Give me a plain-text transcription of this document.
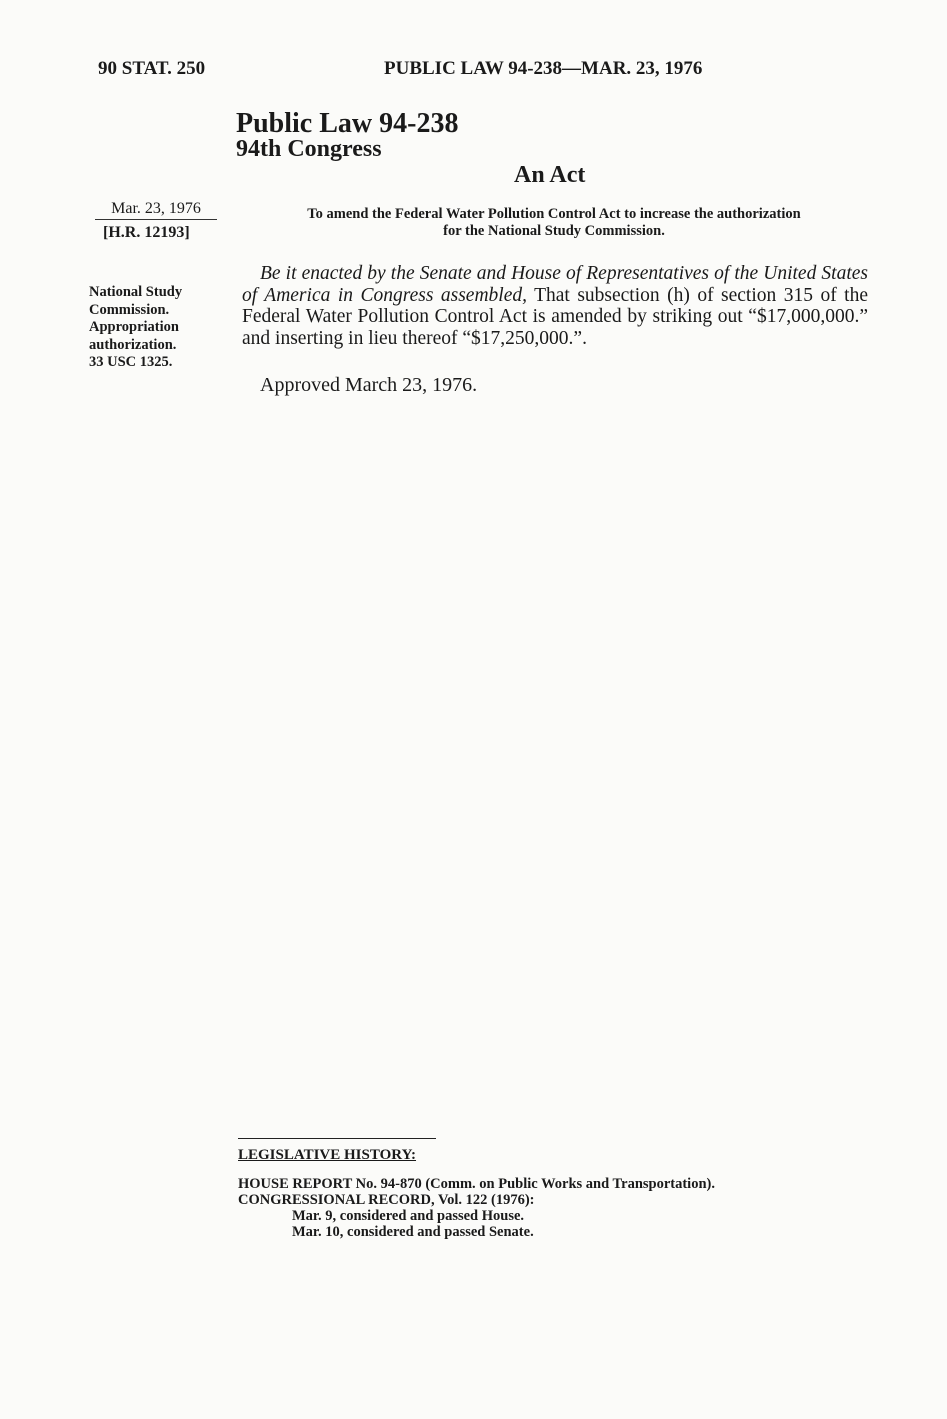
90 STAT. 250	PUBLIC LAW 94-238—MAR. 23, 1976
Public Law 94-238
94th Congress
An Act
Mar. 23, 1976
[H.R. 12193]
National Study
Commission.
Appropriation
authorization.
33 USC 1325.
To amend the Federal Water Pollution Control Act to increase the authorization
for the National Study Commission.
Be it enacted by the Senate and House of Representatives of the United States of America in Congress assembled, That subsection (h) of section 315 of the Federal Water Pollution Control Act is amended by striking out “$17,000,000.” and inserting in lieu thereof “$17,250,000.”.
Approved March 23, 1976.
LEGISLATIVE HISTORY:
HOUSE REPORT No. 94-870 (Comm. on Public Works and Transportation).
CONGRESSIONAL RECORD, Vol. 122 (1976):
Mar. 9, considered and passed House.
Mar. 10, considered and passed Senate.
